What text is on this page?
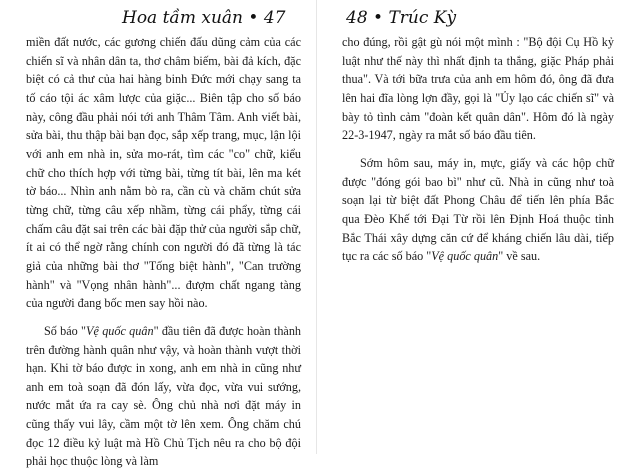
Hoa tầm xuân • 47

miền đất nước, các gương chiến đấu dũng cảm của các chiến sĩ và nhân dân ta, thơ châm biếm, bài đả kích, đặc biệt có cả thư của hai hàng binh Đức mới chạy sang ta tố cáo tội ác xâm lược của giặc... Biên tập cho số báo này, công đầu phải nói tới anh Thâm Tâm. Anh viết bài, sửa bài, thu thập bài bạn đọc, sắp xếp trang, mục, lận lội với anh em nhà in, sửa mo-rát, tìm các "co" chữ, kiểu chữ cho thích hợp với từng bài, từng tít bài, lên ma két tờ báo... Nhìn anh nằm bò ra, cần cù và chăm chút sửa từng chữ, từng câu xếp nhầm, từng cái phẩy, từng cái chấm câu đặt sai trên các bài đặp thử của người sắp chữ, ít ai có thể ngờ rằng chính con người đó đã từng là tác giả của những bài thơ "Tống biệt hành", "Can trường hành" và "Vọng nhân hành"... đượm chất ngang tàng của người đang bốc men say hồi nào.

Số báo "Vệ quốc quân" đầu tiên đã được hoàn thành trên đường hành quân như vậy, và hoàn thành vượt thời hạn. Khi tờ báo được in xong, anh em nhà in cũng như anh em toà soạn đã đón lấy, vừa đọc, vừa vui sướng, nước mắt ứa ra cay sè. Ông chủ nhà nơi đặt máy in cũng thấy vui lây, cầm một tờ lên xem. Ông chăm chú đọc 12 điều kỷ luật mà Hồ Chủ Tịch nêu ra cho bộ đội phải học thuộc lòng và làm

48 • Trúc Kỳ

cho đúng, rồi gật gù nói một mình : "Bộ đội Cụ Hồ kỷ luật như thế này thì nhất định ta thắng, giặc Pháp phải thua". Và tới bữa trưa của anh em hôm đó, ông đã đưa lên hai đĩa lòng lợn đầy, gọi là "Ủy lạo các chiến sĩ" và bày tỏ tình cảm "đoàn kết quân dân". Hôm đó là ngày 22-3-1947, ngày ra mắt số báo đầu tiên.

Sớm hôm sau, máy in, mực, giấy và các hộp chữ được "đóng gói bao bì" như cũ. Nhà in cũng như toà soạn lại từ biệt đất Phong Châu để tiến lên phía Bắc qua Đèo Khế tới Đại Từ rồi lên Định Hoá thuộc tỉnh Bắc Thái xây dựng căn cứ để kháng chiến lâu dài, tiếp tục ra các số báo "Vệ quốc quân" về sau.
